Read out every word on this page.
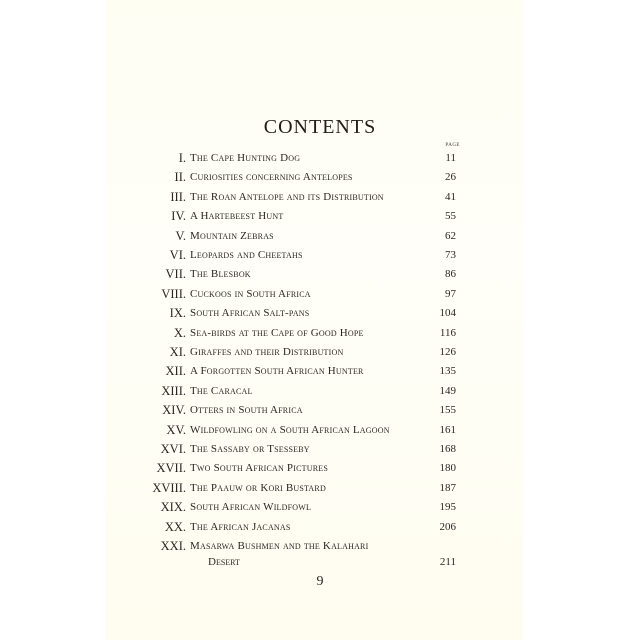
CONTENTS
PAGE
I. The Cape Hunting Dog	11
II. Curiosities concerning Antelopes	26
III. The Roan Antelope and its Distribution	41
IV. A Hartebeest Hunt	55
V. Mountain Zebras	62
VI. Leopards and Cheetahs	73
VII. The Blesbok	86
VIII. Cuckoos in South Africa	97
IX. South African Salt-pans	104
X. Sea-birds at the Cape of Good Hope	116
XI. Giraffes and their Distribution	126
XII. A Forgotten South African Hunter	135
XIII. The Caracal	149
XIV. Otters in South Africa	155
XV. Wildfowling on a South African Lagoon	161
XVI. The Sassaby or Tsesseby	168
XVII. Two South African Pictures	180
XVIII. The Paauw or Kori Bustard	187
XIX. South African Wildfowl	195
XX. The African Jacanas	206
XXI. Masarwa Bushmen and the Kalahari
Desert	211
9
